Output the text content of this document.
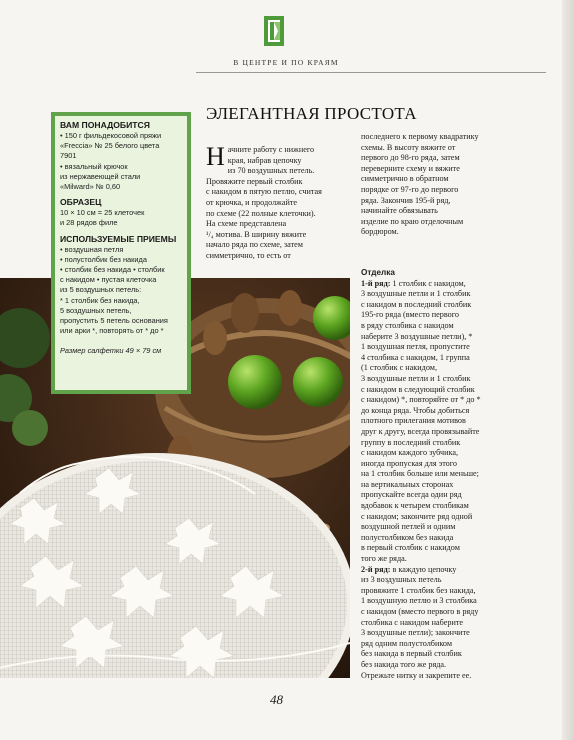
В ЦЕНТРЕ И ПО КРАЯМ
ЭЛЕГАНТНАЯ ПРОСТОТА
ВАМ ПОНАДОБИТСЯ
• 150 г фильдекосовой пряжи
«Freccia» № 25 белого цвета
7901
• вязальный крючок
из нержавеющей стали
«Milward» № 0,60
ОБРАЗЕЦ
10 × 10 см = 25 клеточек
и 28 рядов филе
ИСПОЛЬЗУЕМЫЕ ПРИЕМЫ
• воздушная петля
• полустолбик без накида
• столбик без накида • столбик
с накидом • пустая клеточка
из 5 воздушных петель:
* 1 столбик без накида,
5 воздушных петель,
пропустить 5 петель основания
или арки *, повторять от * до *
Размер салфетки 49 × 79 см
Н ачните работу с нижнего

края, набрав цепочку

из 70 воздушных петель.

Провяжите первый столбик

с накидом в пятую петлю, считая

от крючка, и продолжайте

по схеме (22 полные клеточки).

На схеме представлена

¹/₄ мотива. В ширину вяжите

начало ряда по схеме, затем

симметрично, то есть от

последнего к первому квадратику

схемы. В высоту вяжите от

первого до 98-го ряда, затем

переверните схему и вяжите

симметрично в обратном

порядке от 97-го до первого

ряда. Закончив 195-й ряд,

начинайте обвязывать

изделие по краю отделочным

бордюром.

Отделка

1-й ряд: 1 столбик с накидом,

3 воздушные петли и 1 столбик

с накидом в последний столбик

195-го ряда (вместо первого

в ряду столбика с накидом

наберите 3 воздушные петли), *

1 воздушная петля, пропустите

4 столбика с накидом, 1 группа

(1 столбик с накидом,

3 воздушные петли и 1 столбик

с накидом в следующий столбик

с накидом) *, повторяйте от * до *

до конца ряда. Чтобы добиться

плотного прилегания мотивов

друг к другу, всегда провязывайте

группу в последний столбик

с накидом каждого зубчика,

иногда пропуская для этого

на 1 столбик больше или меньше;

на вертикальных сторонах

пропускайте всегда один ряд

вдобавок к четырем столбикам

с накидом; закончите ряд одной

воздушной петлей и одним

полустолбиком без накида

в первый столбик с накидом

того же ряда.

2-й ряд: в каждую цепочку

из 3 воздушных петель

провяжите 1 столбик без накида,

1 воздушную петлю и 3 столбика

с накидом (вместо первого в ряду

столбика с накидом наберите

3 воздушные петли); закончите

ряд одним полустолбиком

без накида в первый столбик

без накида того же ряда.

Отрежьте нитку и закрепите ее.

48
